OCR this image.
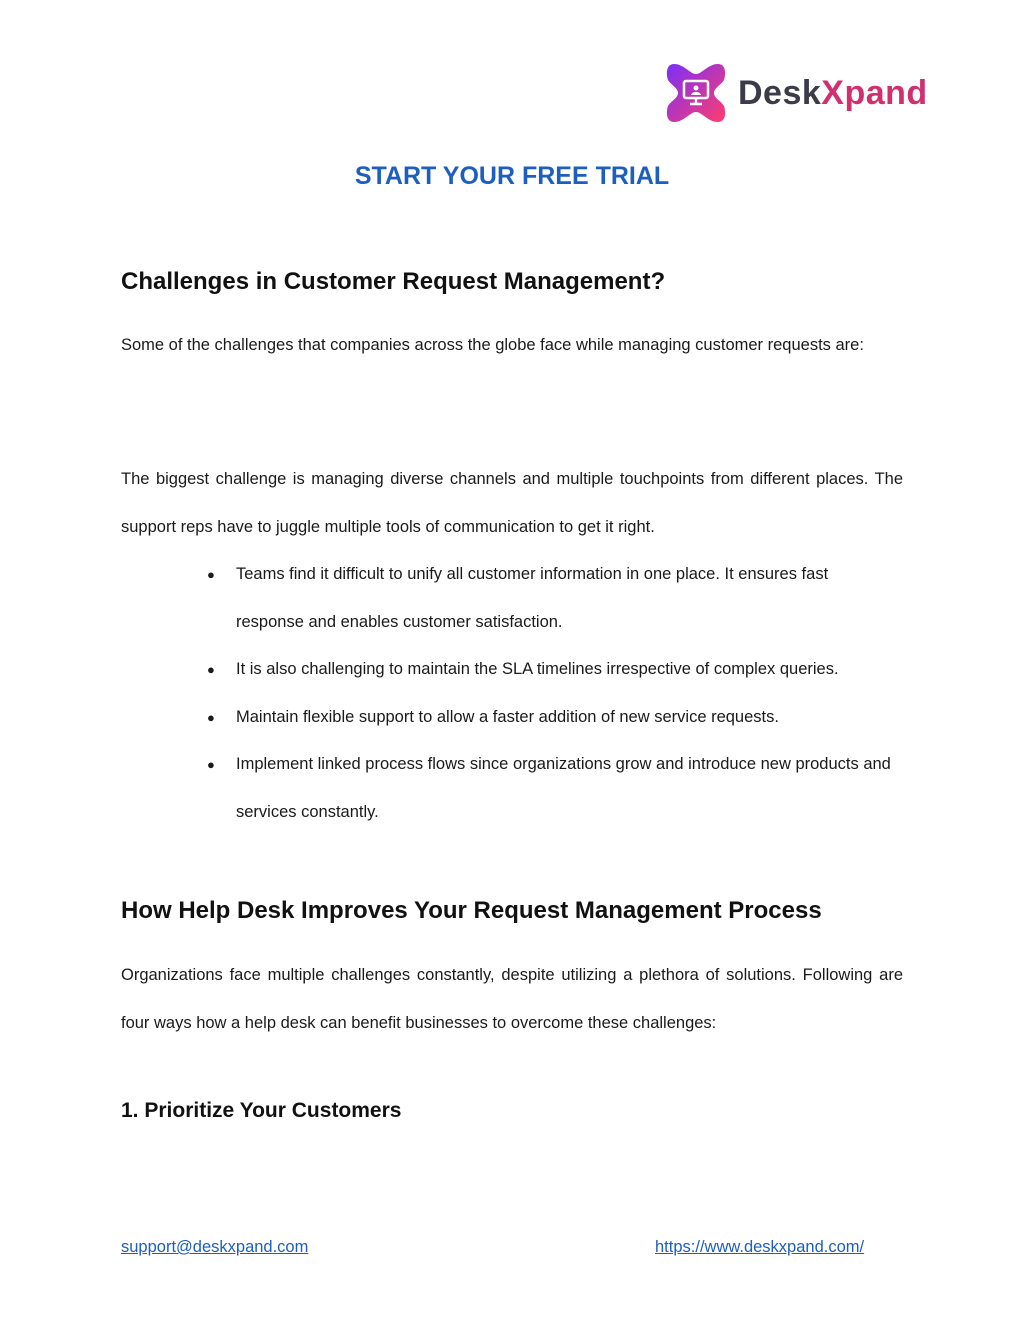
DeskXpand
START YOUR FREE TRIAL
Challenges in Customer Request Management?
Some of the challenges that companies across the globe face while managing customer requests are:
The biggest challenge is managing diverse channels and multiple touchpoints from different places. The support reps have to juggle multiple tools of communication to get it right.
● Teams find it difficult to unify all customer information in one place. It ensures fast response and enables customer satisfaction.
● It is also challenging to maintain the SLA timelines irrespective of complex queries.
● Maintain flexible support to allow a faster addition of new service requests.
● Implement linked process flows since organizations grow and introduce new products and services constantly.
How Help Desk Improves Your Request Management Process
Organizations face multiple challenges constantly, despite utilizing a plethora of solutions. Following are four ways how a help desk can benefit businesses to overcome these challenges:
1. Prioritize Your Customers
support@deskxpand.com	https://www.deskxpand.com/
